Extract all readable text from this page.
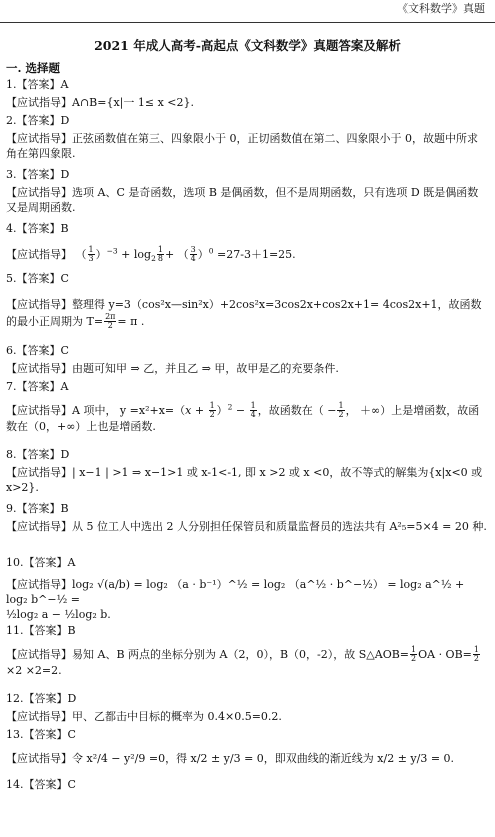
《文科数学》真题
2021 年成人高考-高起点《文科数学》真题答案及解析
一. 选择题

1.【答案】A

【应试指导】A∩B={x|一 1≤ x <2}.

2.【答案】D

【应试指导】正弦函数值在第三、四象限小于 0，正切函数值在第二、四象限小于 0，故题中所求角在第四象限.

3.【答案】D

【应试指导】选项 A、C 是奇函数，选项 B 是偶函数，但不是周期函数，只有选项 D 既是偶函数又是周期函数.

4.【答案】B

【应试指导】 （ $\frac{1}{3} )^{-3} + \log_2 \frac{1}{8}$ + （ $\frac{3}{4} )^0 =27-3+1=25$.

5.【答案】C

【应试指导】整理得 y=3（cos²x—sin²x）+2cos²x=3cos2x+cos2x+1= 4cos2x+1，故函数的最小正周期为 $T= \frac{2\pi}{2} = \pi$ .

6.【答案】C

【应试指导】由题可知甲 ⇒ 乙，并且乙 ⇒ 甲，故甲是乙的充要条件.

7.【答案】A

【应试指导】A 项中， $y =x^2+x=(x + \frac{1}{2} )^2 - \frac{1}{4}$ ，故函数在（ − $\frac{1}{2}$ ， ＋∞）上是增函数，故函数在（0，+∞）上也是增函数.

8.【答案】D

【应试指导】| x−1 | >1 ⇒ x−1>1 或 x-1<-1, 即 x >2 或 x <0，故不等式的解集为{x|x<0 或 x>2}.

9.【答案】B

【应试指导】从 5 位工人中选出 2 人分别担任保管员和质量监督员的选法共有 A²₅=5×4 = 20 种.

10.【答案】A

【应试指导】log₂ √(a/b) = log₂ （a · b⁻¹）^½ = log₂ （a^½ · b^−½） = log₂ a^½ + log₂ b^−½ =
½log₂ a − ½log₂ b.

11.【答案】B

【应试指导】易知 A、B 两点的坐标分别为 A（2，0），B（0，-2），故 S△AOB= $\frac{1}{2}$ OA · $OB= \frac{1}{2}$
×2 ×2=2.

12.【答案】D

【应试指导】甲、乙都击中目标的概率为 0.4×0.5=0.2.

13.【答案】C

【应试指导】令 x²/4 − y²/9 =0，得 x/2 ± y/3 = 0，即双曲线的渐近线为 x/2 ± y/3 = 0.

14.【答案】C
